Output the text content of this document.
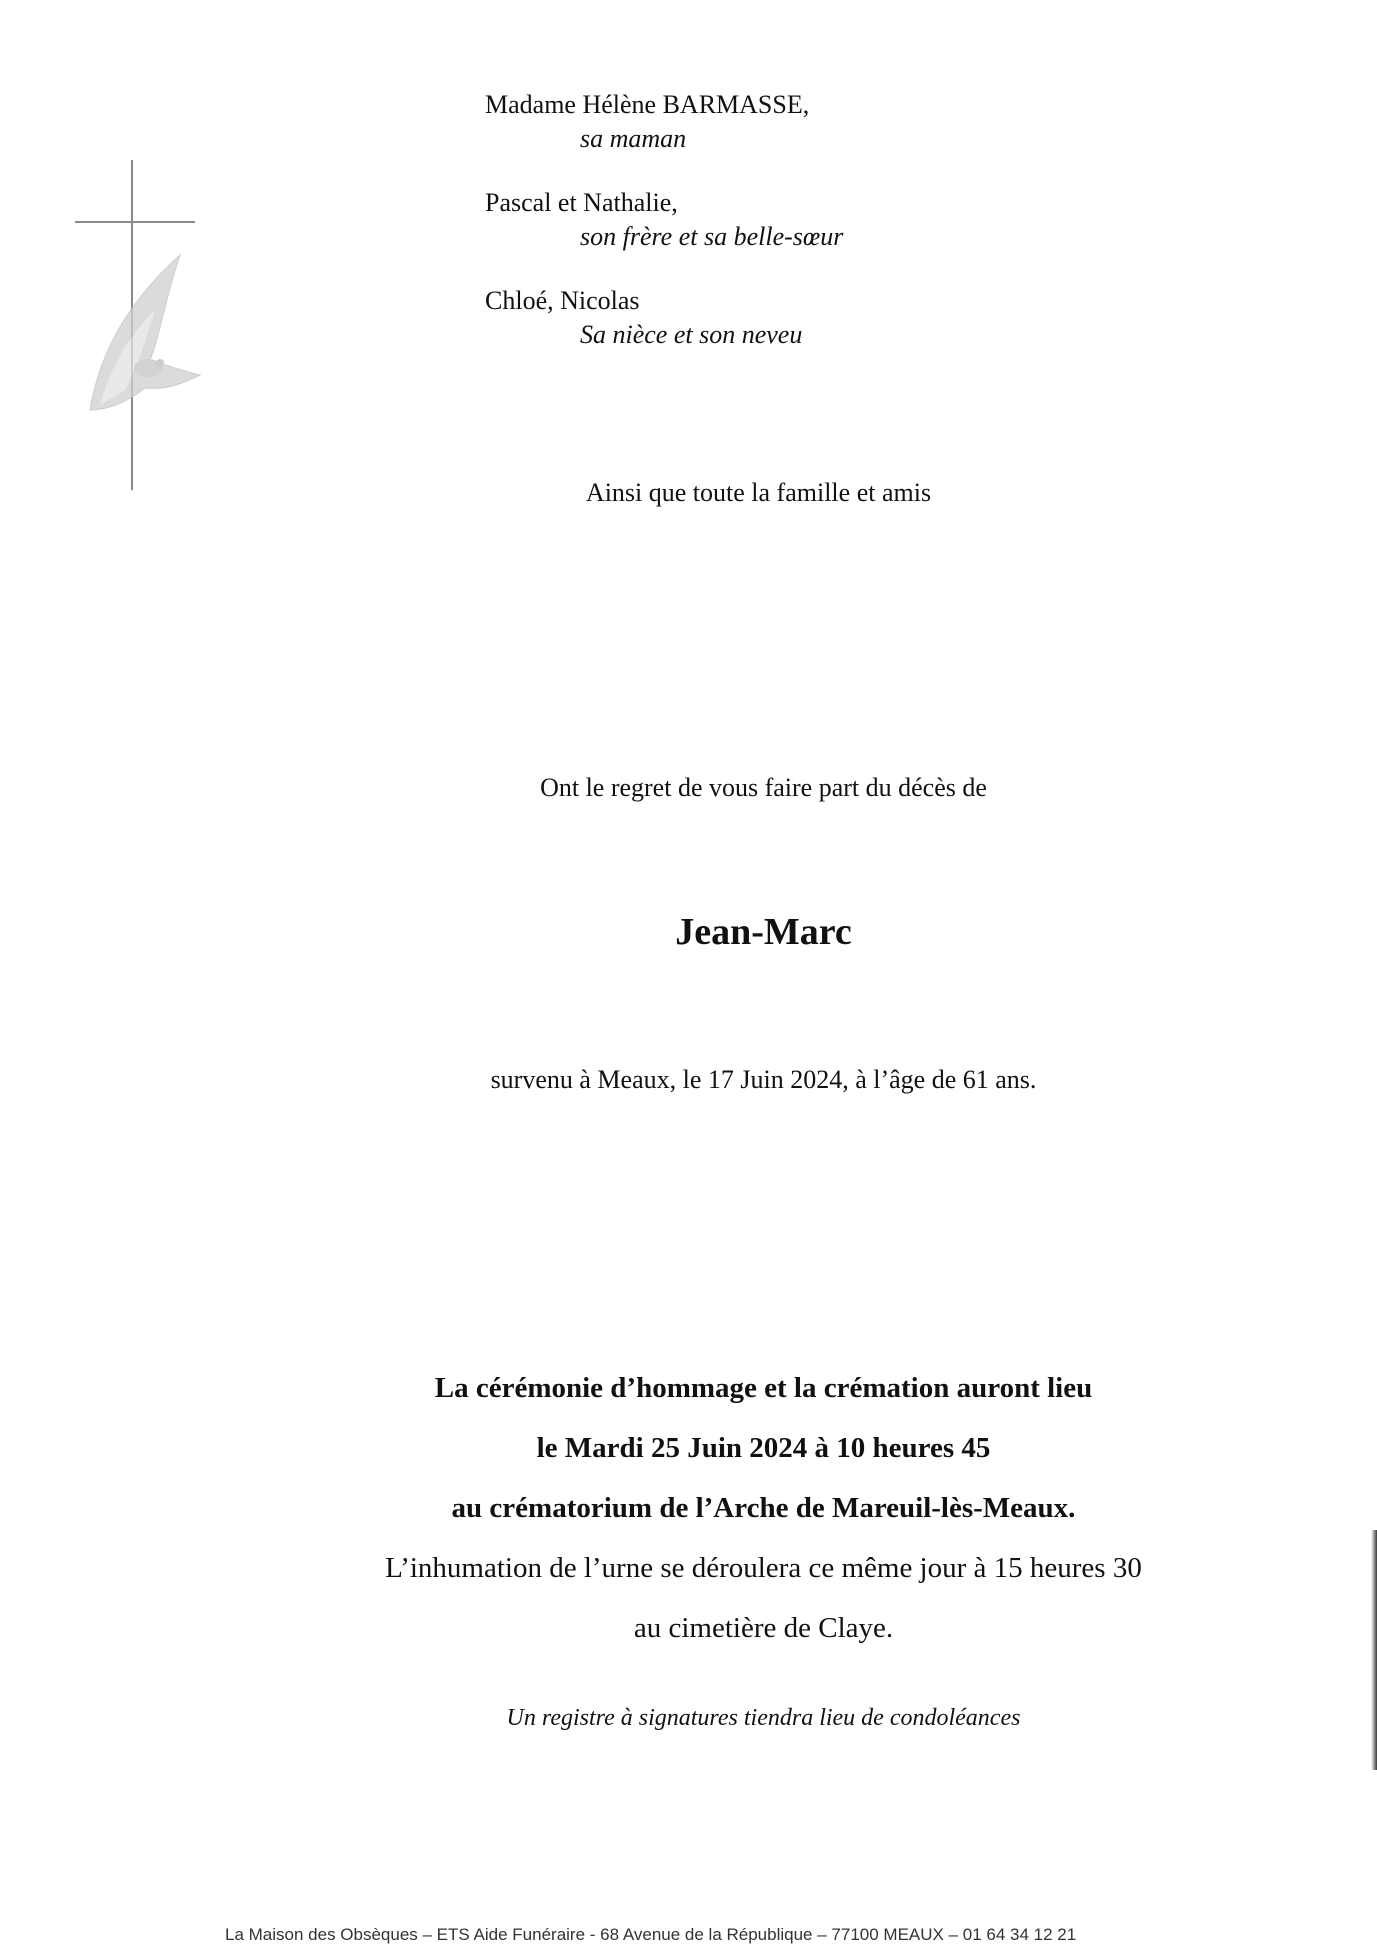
Madame Hélène BARMASSE,
sa maman
Pascal et Nathalie,
son frère et sa belle-sœur
Chloé, Nicolas
Sa nièce et son neveu
Ainsi que toute la famille et amis
Ont le regret de vous faire part du décès de
Jean-Marc
survenu à Meaux, le 17 Juin 2024, à l’âge de 61 ans.
La cérémonie d’hommage et la crémation auront lieu
le Mardi 25 Juin 2024 à 10 heures 45
au crématorium de l’Arche de Mareuil-lès-Meaux.
L’inhumation de l’urne se déroulera ce même jour à 15 heures 30
au cimetière de Claye.
Un registre à signatures tiendra lieu de condoléances
La Maison des Obsèques – ETS Aide Funéraire - 68 Avenue de la République – 77100 MEAUX – 01 64 34 12 21
